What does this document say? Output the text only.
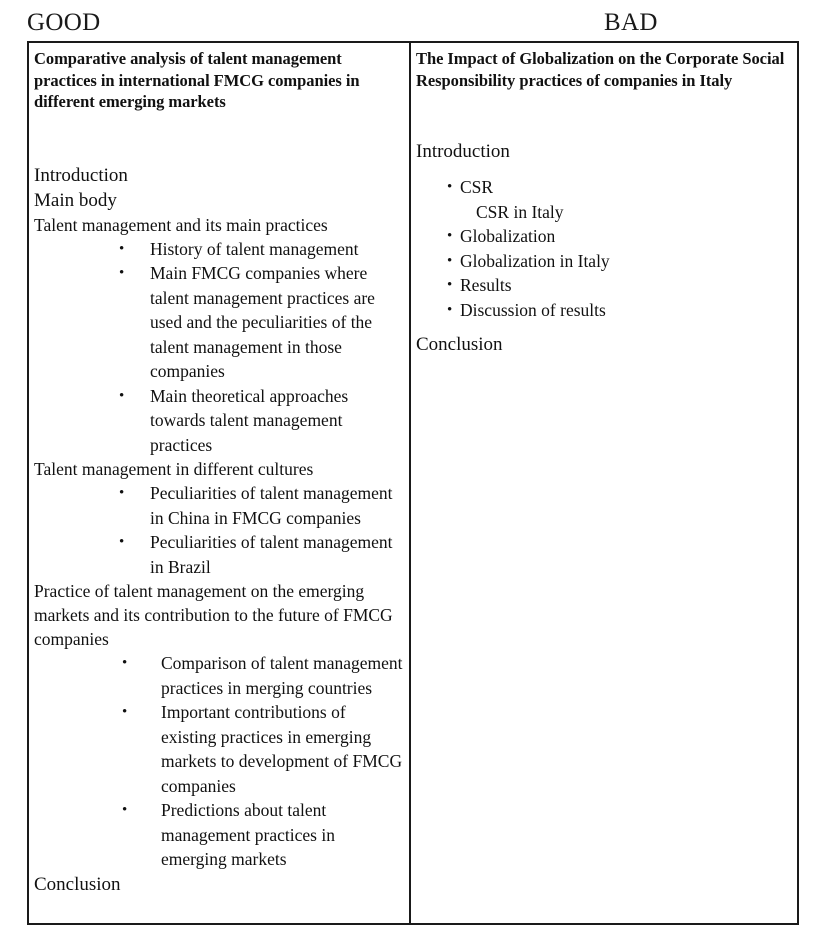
GOOD	BAD

Comparative analysis of talent management practices in international FMCG companies in different emerging markets

Introduction

Main body

Talent management and its main practices

• History of talent management
• Main FMCG companies where talent management practices are used and the peculiarities of the talent management in those companies
• Main theoretical approaches towards talent management practices

Talent management in different cultures

• Peculiarities of talent management in China in FMCG companies
• Peculiarities of talent management in Brazil

Practice of talent management on the emerging markets and its contribution to the future of FMCG companies

• Comparison of talent management practices in merging countries
• Important contributions of existing practices in emerging markets to development of FMCG companies
• Predictions about talent management practices in emerging markets

Conclusion

The Impact of Globalization on the Corporate Social Responsibility practices of companies in Italy

Introduction

• CSR
CSR in Italy
• Globalization
• Globalization in Italy
• Results
• Discussion of results

Conclusion
